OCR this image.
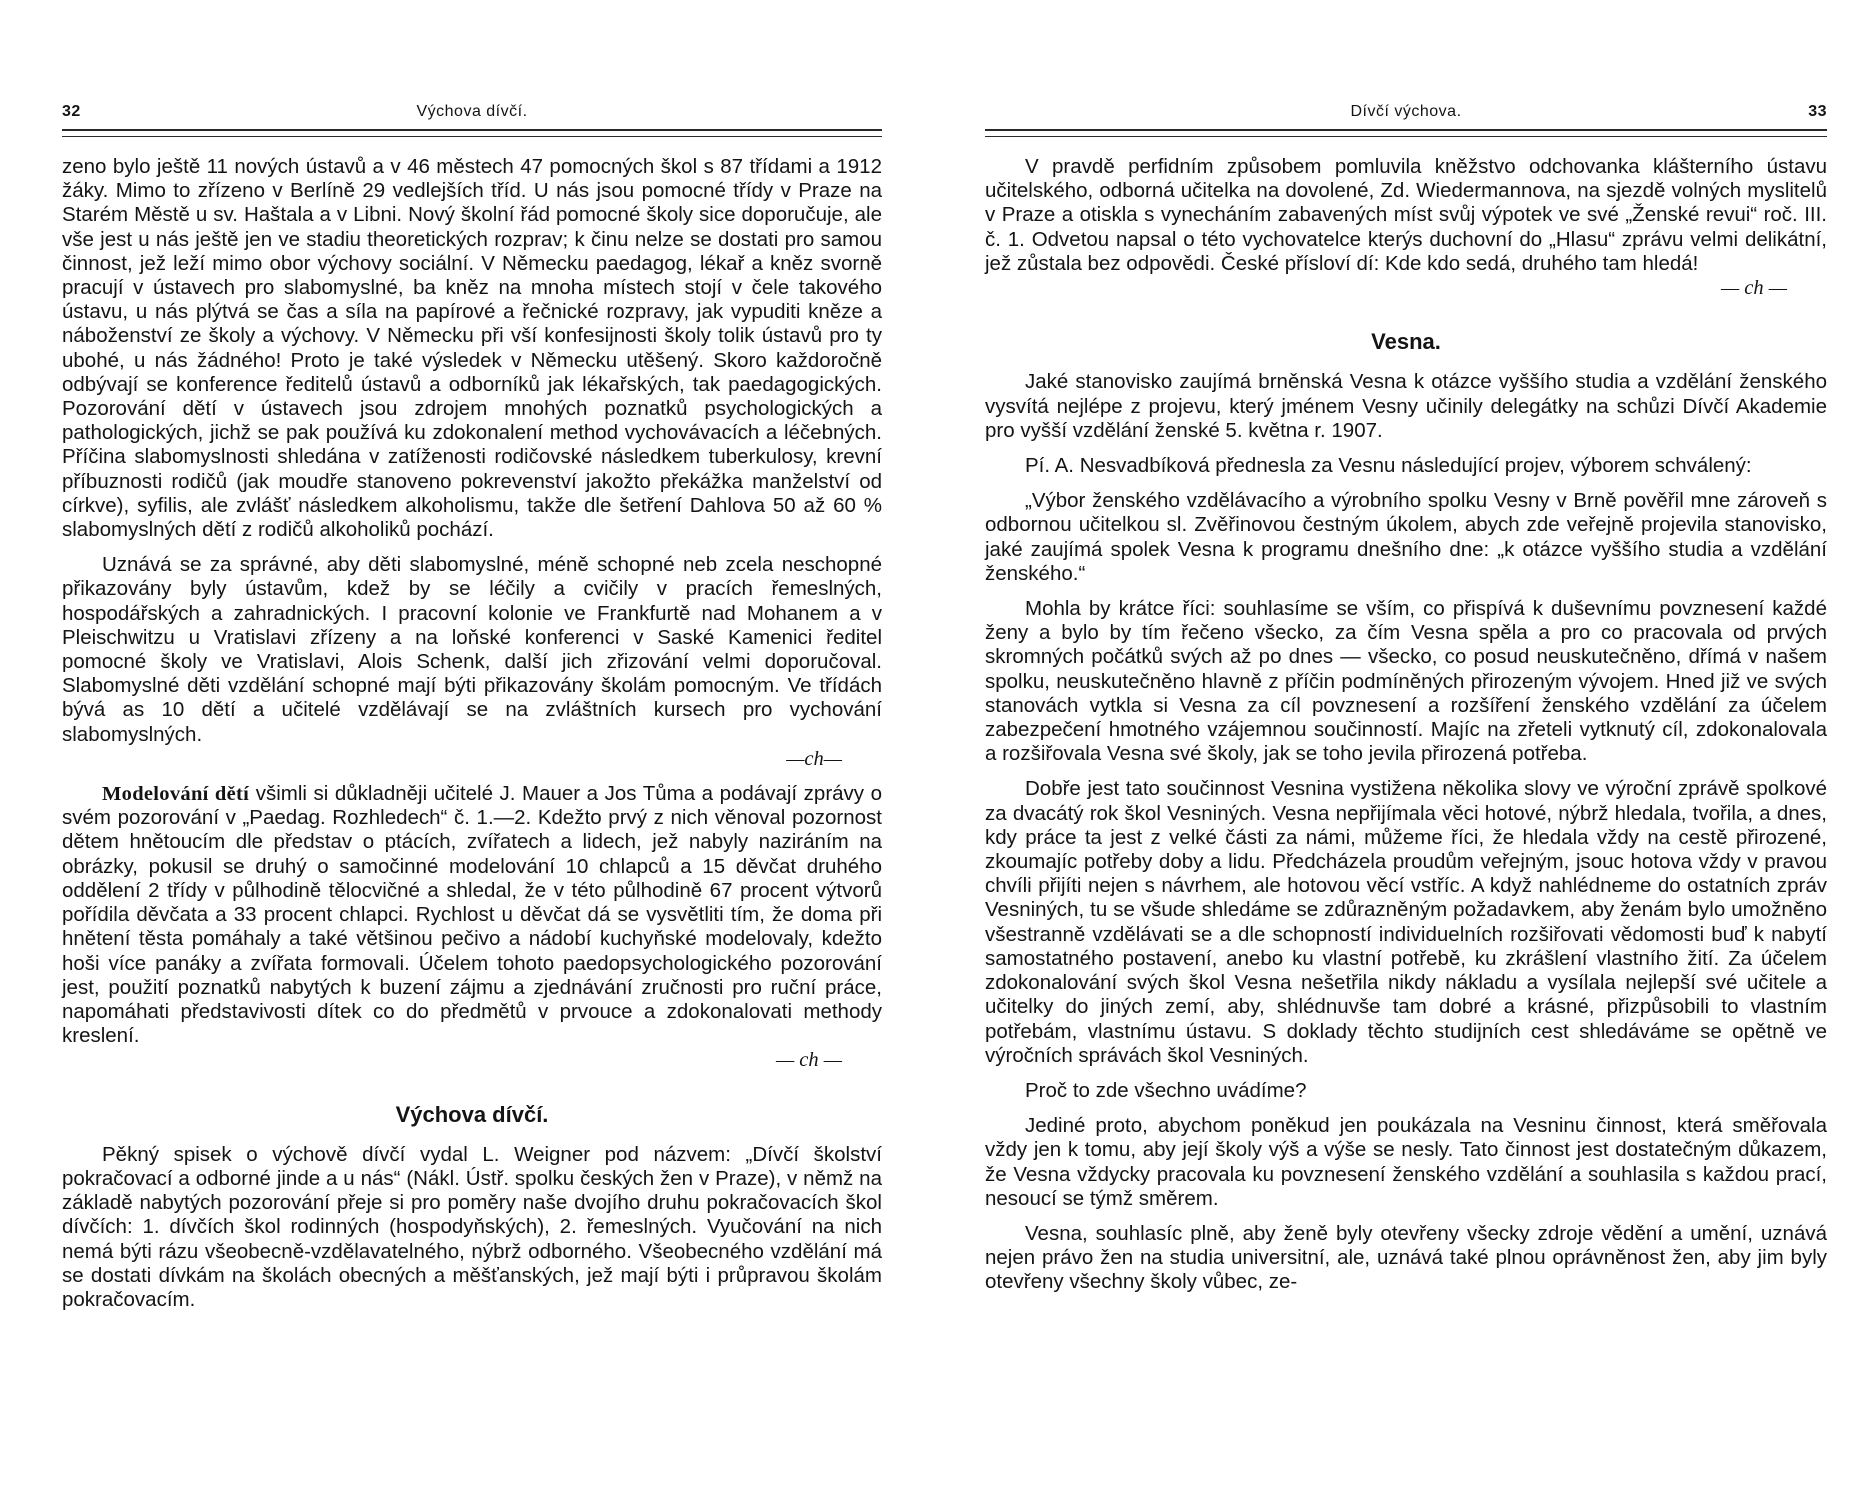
32	Výchova dívčí.

zeno bylo ještě 11 nových ústavů a v 46 městech 47 pomocných škol s 87 třídami a 1912 žáky. Mimo to zřízeno v Berlíně 29 vedlejších tříd. U nás jsou pomocné třídy v Praze na Starém Městě u sv. Haštala a v Libni. Nový školní řád pomocné školy sice doporučuje, ale vše jest u nás ještě jen ve stadiu theoretických rozprav; k činu nelze se dostati pro samou činnost, jež leží mimo obor výchovy sociální. V Německu paedagog, lékař a kněz svorně pracují v ústavech pro slabomyslné, ba kněz na mnoha místech stojí v čele takového ústavu, u nás plýtvá se čas a síla na papírové a řečnické rozpravy, jak vypuditi kněze a náboženství ze školy a výchovy. V Německu při vší konfesijnosti školy tolik ústavů pro ty ubohé, u nás žádného! Proto je také výsledek v Německu utěšený. Skoro každoročně odbývají se konference ředitelů ústavů a odborníků jak lékařských, tak paedagogických. Pozorování dětí v ústavech jsou zdrojem mnohých poznatků psychologických a pathologických, jichž se pak používá ku zdokonalení method vychovávacích a léčebných. Příčina slabomyslnosti shledána v zatíženosti rodičovské následkem tuberkulosy, krevní příbuznosti rodičů (jak moudře stanoveno pokrevenství jakožto překážka manželství od církve), syfilis, ale zvlášť následkem alkoholismu, takže dle šetření Dahlova 50 až 60 % slabomyslných dětí z rodičů alkoholiků pochází.

Uznává se za správné, aby děti slabomyslné, méně schopné neb zcela neschopné přikazovány byly ústavům, kdež by se léčily a cvičily v pracích řemeslných, hospodářských a zahradnických. I pracovní kolonie ve Frankfurtě nad Mohanem a v Pleischwitzu u Vratislavi zřízeny a na loňské konferenci v Saské Kamenici ředitel pomocné školy ve Vratislavi, Alois Schenk, další jich zřizování velmi doporučoval. Slabomyslné děti vzdělání schopné mají býti přikazovány školám pomocným. Ve třídách bývá as 10 dětí a učitelé vzdělávají se na zvláštních kursech pro vychování slabomyslných.

—ch—

Modelování dětí všimli si důkladněji učitelé J. Mauer a Jos Tůma a podávají zprávy o svém pozorování v „Paedag. Rozhledech“ č. 1.—2. Kdežto prvý z nich věnoval pozornost dětem hnětoucím dle představ o ptácích, zvířatech a lidech, jež nabyly naziráním na obrázky, pokusil se druhý o samočinné modelování 10 chlapců a 15 děvčat druhého oddělení 2 třídy v půlhodině tělocvičné a shledal, že v této půlhodině 67 procent výtvorů pořídila děvčata a 33 procent chlapci. Rychlost u děvčat dá se vysvětliti tím, že doma při hnětení těsta pomáhaly a také většinou pečivo a nádobí kuchyňské modelovaly, kdežto hoši více panáky a zvířata formovali. Účelem tohoto paedopsychologického pozorování jest, použití poznatků nabytých k buzení zájmu a zjednávání zručnosti pro ruční práce, napomáhati představivosti dítek co do předmětů v prvouce a zdokonalovati methody kreslení.

— ch —

Výchova dívčí.

Pěkný spisek o výchově dívčí vydal L. Weigner pod názvem: „Dívčí školství pokračovací a odborné jinde a u nás“ (Nákl. Ústř. spolku českých žen v Praze), v němž na základě nabytých pozorování přeje si pro poměry naše dvojího druhu pokračovacích škol dívčích: 1. dívčích škol rodinných (hospodyňských), 2. řemeslných. Vyučování na nich nemá býti rázu všeobecně-vzdělavatelného, nýbrž odborného. Všeobecného vzdělání má se dostati dívkám na školách obecných a měšťanských, jež mají býti i průpravou školám pokračovacím.

Dívčí výchova.	33

V pravdě perfidním způsobem pomluvila kněžstvo odchovanka klášterního ústavu učitelského, odborná učitelka na dovolené, Zd. Wiedermannova, na sjezdě volných myslitelů v Praze a otiskla s vynecháním zabavených míst svůj výpotek ve své „Ženské revui“ roč. III. č. 1. Odvetou napsal o této vychovatelce kterýs duchovní do „Hlasu“ zprávu velmi delikátní, jež zůstala bez odpovědi. České přísloví dí: Kde kdo sedá, druhého tam hledá!

— ch —

Vesna.

Jaké stanovisko zaujímá brněnská Vesna k otázce vyššího studia a vzdělání ženského vysvítá nejlépe z projevu, který jménem Vesny učinily delegátky na schůzi Dívčí Akademie pro vyšší vzdělání ženské 5. května r. 1907.

Pí. A. Nesvadbíková přednesla za Vesnu následující projev, výborem schválený:

„Výbor ženského vzdělávacího a výrobního spolku Vesny v Brně pověřil mne zároveň s odbornou učitelkou sl. Zvěřinovou čestným úkolem, abych zde veřejně projevila stanovisko, jaké zaujímá spolek Vesna k programu dnešního dne: „k otázce vyššího studia a vzdělání ženského.“

Mohla by krátce říci: souhlasíme se vším, co přispívá k duševnímu povznesení každé ženy a bylo by tím řečeno všecko, za čím Vesna spěla a pro co pracovala od prvých skromných počátků svých až po dnes — všecko, co posud neuskutečněno, dřímá v našem spolku, neuskutečněno hlavně z příčin podmíněných přirozeným vývojem. Hned již ve svých stanovách vytkla si Vesna za cíl povznesení a rozšíření ženského vzdělání za účelem zabezpečení hmotného vzájemnou součinností. Majíc na zřeteli vytknutý cíl, zdokonalovala a rozšiřovala Vesna své školy, jak se toho jevila přirozená potřeba.

Dobře jest tato součinnost Vesnina vystižena několika slovy ve výroční zprávě spolkové za dvacátý rok škol Vesniných. Vesna nepřijímala věci hotové, nýbrž hledala, tvořila, a dnes, kdy práce ta jest z velké části za námi, můžeme říci, že hledala vždy na cestě přirozené, zkoumajíc potřeby doby a lidu. Předcházela proudům veřejným, jsouc hotova vždy v pravou chvíli přijíti nejen s návrhem, ale hotovou věcí vstříc. A když nahlédneme do ostatních zpráv Vesniných, tu se všude shledáme se zdůrazněným požadavkem, aby ženám bylo umožněno všestranně vzdělávati se a dle schopností individuelních rozšiřovati vědomosti buď k nabytí samostatného postavení, anebo ku vlastní potřebě, ku zkrášlení vlastního žití. Za účelem zdokonalování svých škol Vesna nešetřila nikdy nákladu a vysílala nejlepší své učitele a učitelky do jiných zemí, aby, shlédnuvše tam dobré a krásné, přizpůsobili to vlastním potřebám, vlastnímu ústavu. S doklady těchto studijních cest shledáváme se opětně ve výročních správách škol Vesniných.

Proč to zde všechno uvádíme?

Jediné proto, abychom poněkud jen poukázala na Vesninu činnost, která směřovala vždy jen k tomu, aby její školy výš a výše se nesly. Tato činnost jest dostatečným důkazem, že Vesna vždycky pracovala ku povznesení ženského vzdělání a souhlasila s každou prací, nesoucí se týmž směrem.

Vesna, souhlasíc plně, aby ženě byly otevřeny všecky zdroje vědění a umění, uznává nejen právo žen na studia universitní, ale, uznává také plnou oprávněnost žen, aby jim byly otevřeny všechny školy vůbec, ze-
